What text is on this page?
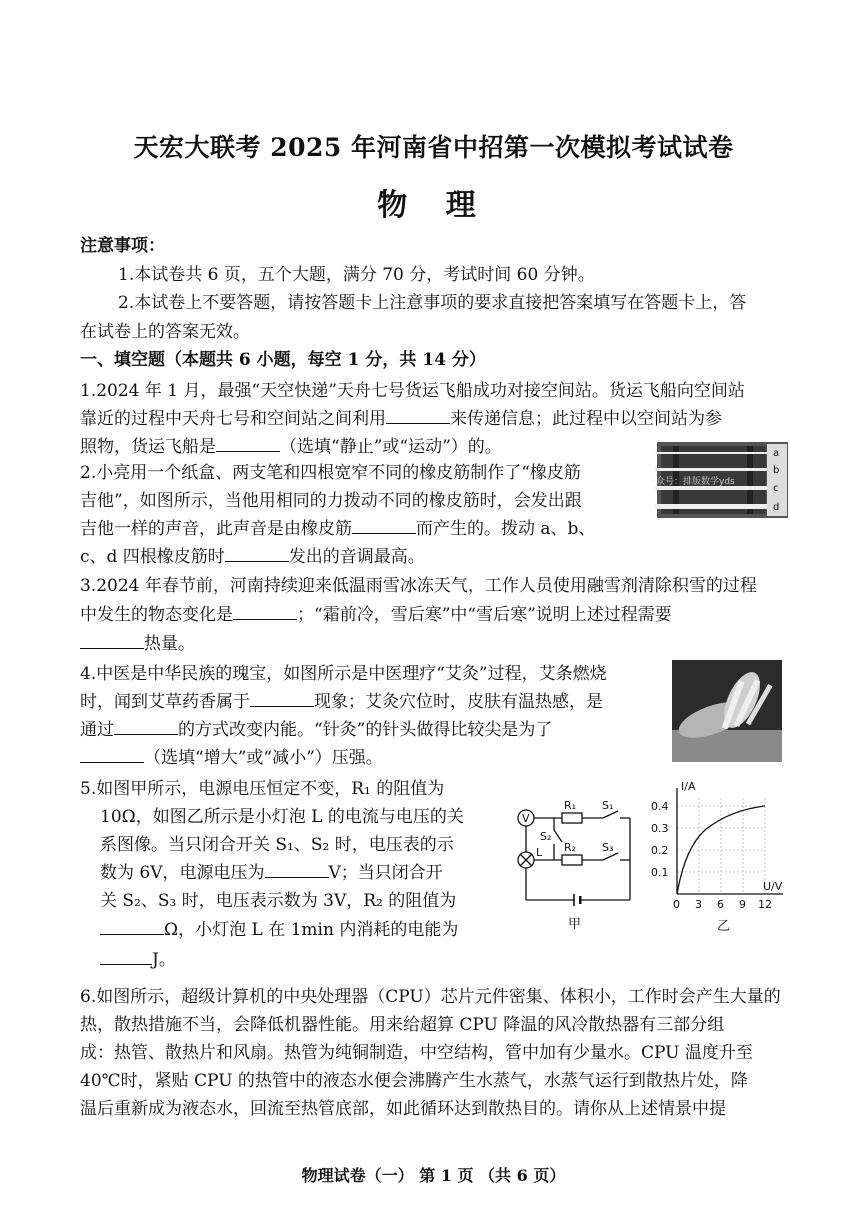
天宏大联考 2025 年河南省中招第一次模拟考试试卷
物 理
注意事项：
1.本试卷共 6 页，五个大题，满分 70 分，考试时间 60 分钟。
2.本试卷上不要答题，请按答题卡上注意事项的要求直接把答案填写在答题卡上，答
在试卷上的答案无效。
一、填空题（本题共 6 小题，每空 1 分，共 14 分）
1.2024 年 1 月，最强“天空快递”天舟七号货运飞船成功对接空间站。货运飞船向空间站
靠近的过程中天舟七号和空间站之间利用	来传递信息；此过程中以空间站为参
照物，货运飞船是	（选填“静止”或“运动”）的。
2.小亮用一个纸盒、两支笔和四根宽窄不同的橡皮筋制作了“橡皮筋
吉他”，如图所示，当他用相同的力拨动不同的橡皮筋时，会发出跟
吉他一样的声音，此声音是由橡皮筋	而产生的。拨动 a、b、
c、d 四根橡皮筋时	发出的音调最高。
a
b
c
d
公众号：排版数学yds
3.2024 年春节前，河南持续迎来低温雨雪冰冻天气，工作人员使用融雪剂清除积雪的过程
中发生的物态变化是	；“霜前冷，雪后寒”中“雪后寒”说明上述过程需要
热量。
4.中医是中华民族的瑰宝，如图所示是中医理疗“艾灸”过程，艾条燃烧
时，闻到艾草药香属于	现象；艾灸穴位时，皮肤有温热感，是
通过	的方式改变内能。“针灸”的针头做得比较尖是为了
（选填“增大”或“减小”）压强。
5.如图甲所示，电源电压恒定不变，R₁ 的阻值为
10Ω，如图乙所示是小灯泡 L 的电流与电压的关
系图像。当只闭合开关 S₁、S₂ 时，电压表的示
数为 6V，电源电压为	V；当只闭合开
关 S₂、S₃ 时，电压表示数为 3V，R₂ 的阻值为
Ω，小灯泡 L 在 1min 内消耗的电能为
J。
V
R₁ S₁
S₂
L R₂ S₃
甲
I/A
U/V
0.4
0.3
0.2
0.1
0 3 6 9 12
乙
6.如图所示，超级计算机的中央处理器（CPU）芯片元件密集、体积小，工作时会产生大量的
热，散热措施不当，会降低机器性能。用来给超算 CPU 降温的风冷散热器有三部分组
成：热管、散热片和风扇。热管为纯铜制造，中空结构，管中加有少量水。CPU 温度升至
40℃时，紧贴 CPU 的热管中的液态水便会沸腾产生水蒸气，水蒸气运行到散热片处，降
温后重新成为液态水，回流至热管底部，如此循环达到散热目的。请你从上述情景中提
物理试卷（一） 第 1 页 （共 6 页）
